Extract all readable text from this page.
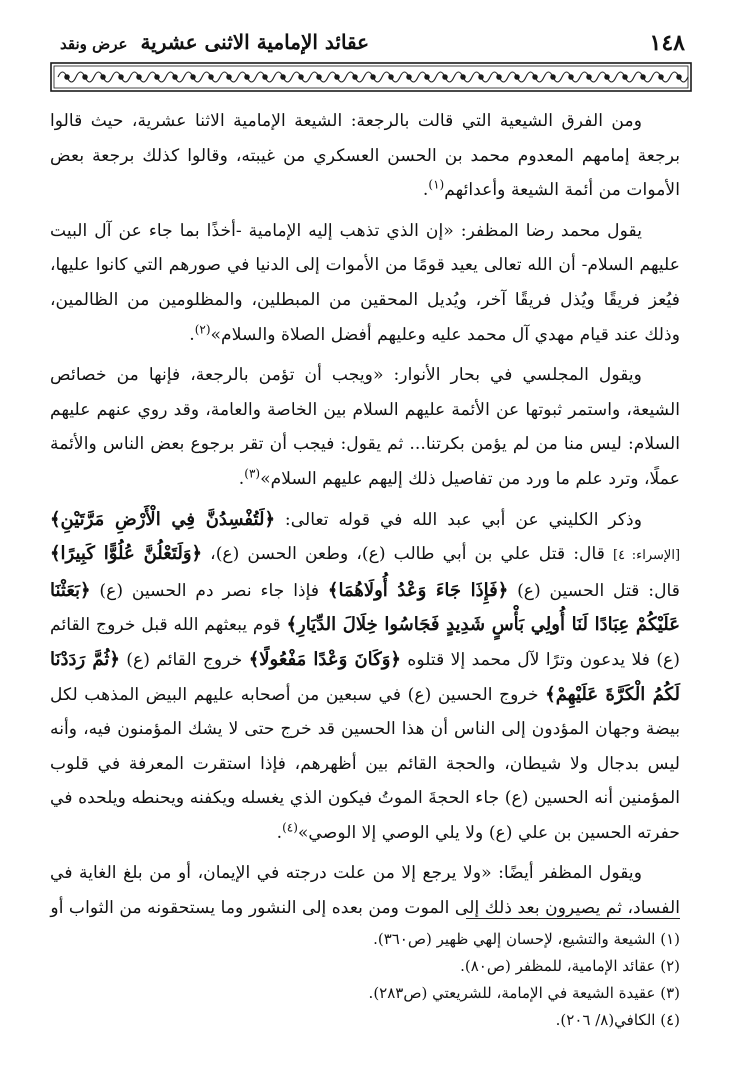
١٤٨
عقائد الإمامية الاثنى عشرية عرض ونقد

ومن الفرق الشيعية التي قالت بالرجعة: الشيعة الإمامية الاثنا عشرية، حيث قالوا برجعة إمامهم المعدوم محمد بن الحسن العسكري من غيبته، وقالوا كذلك برجعة بعض الأموات من أئمة الشيعة وأعدائهم$^{(١)}$.

يقول محمد رضا المظفر: «إن الذي تذهب إليه الإمامية -أخذًا بما جاء عن آل البيت عليهم السلام- أن الله تعالى يعيد قومًا من الأموات إلى الدنيا في صورهم التي كانوا عليها، فيُعز فريقًا ويُذل فريقًا آخر، ويُديل المحقين من المبطلين، والمظلومين من الظالمين، وذلك عند قيام مهدي آل محمد عليه وعليهم أفضل الصلاة والسلام»$^{(٢)}$.

ويقول المجلسي في بحار الأنوار: «ويجب أن تؤمن بالرجعة، فإنها من خصائص الشيعة، واستمر ثبوتها عن الأئمة عليهم السلام بين الخاصة والعامة، وقد روي عنهم عليهم السلام: ليس منا من لم يؤمن بكرتنا... ثم يقول: فيجب أن تقر برجوع بعض الناس والأئمة عملًا، وترد علم ما ورد من تفاصيل ذلك إليهم عليهم السلام»$^{(٣)}$.

وذكر الكليني عن أبي عبد الله في قوله تعالى: ﴿لَتُفْسِدُنَّ فِي الْأَرْضِ مَرَّتَيْنِ﴾ [الإسراء: ٤] قال: قتل علي بن أبي طالب (ع)، وطعن الحسن (ع)، ﴿وَلَتَعْلُنَّ عُلُوًّا كَبِيرًا﴾ قال: قتل الحسين (ع) ﴿فَإِذَا جَاءَ وَعْدُ أُولَاهُمَا﴾ فإذا جاء نصر دم الحسين (ع) ﴿بَعَثْنَا عَلَيْكُمْ عِبَادًا لَنَا أُولِي بَأْسٍ شَدِيدٍ فَجَاسُوا خِلَالَ الدِّيَارِ﴾ قوم يبعثهم الله قبل خروج القائم (ع) فلا يدعون وترًا لآل محمد إلا قتلوه ﴿وَكَانَ وَعْدًا مَفْعُولًا﴾ خروج القائم (ع) ﴿ثُمَّ رَدَدْنَا لَكُمُ الْكَرَّةَ عَلَيْهِمْ﴾ خروج الحسين (ع) في سبعين من أصحابه عليهم البيض المذهب لكل بيضة وجهان المؤدون إلى الناس أن هذا الحسين قد خرج حتى لا يشك المؤمنون فيه، وأنه ليس بدجال ولا شيطان، والحجة القائم بين أظهرهم، فإذا استقرت المعرفة في قلوب المؤمنين أنه الحسين (ع) جاء الحجةَ الموتُ فيكون الذي يغسله ويكفنه ويحنطه ويلحده في حفرته الحسين بن علي (ع) ولا يلي الوصي إلا الوصي»$^{(٤)}$.

ويقول المظفر أيضًا: «ولا يرجع إلا من علت درجته في الإيمان، أو من بلغ الغاية في الفساد، ثم يصيرون بعد ذلك إلى الموت ومن بعده إلى النشور وما يستحقونه من الثواب أو

(١) الشيعة والتشيع، لإحسان إلهي ظهير (ص٣٦٠).
(٢) عقائد الإمامية، للمظفر (ص٨٠).
(٣) عقيدة الشيعة في الإمامة، للشريعتي (ص٢٨٣).
(٤) الكافي(٨/ ٢٠٦).
